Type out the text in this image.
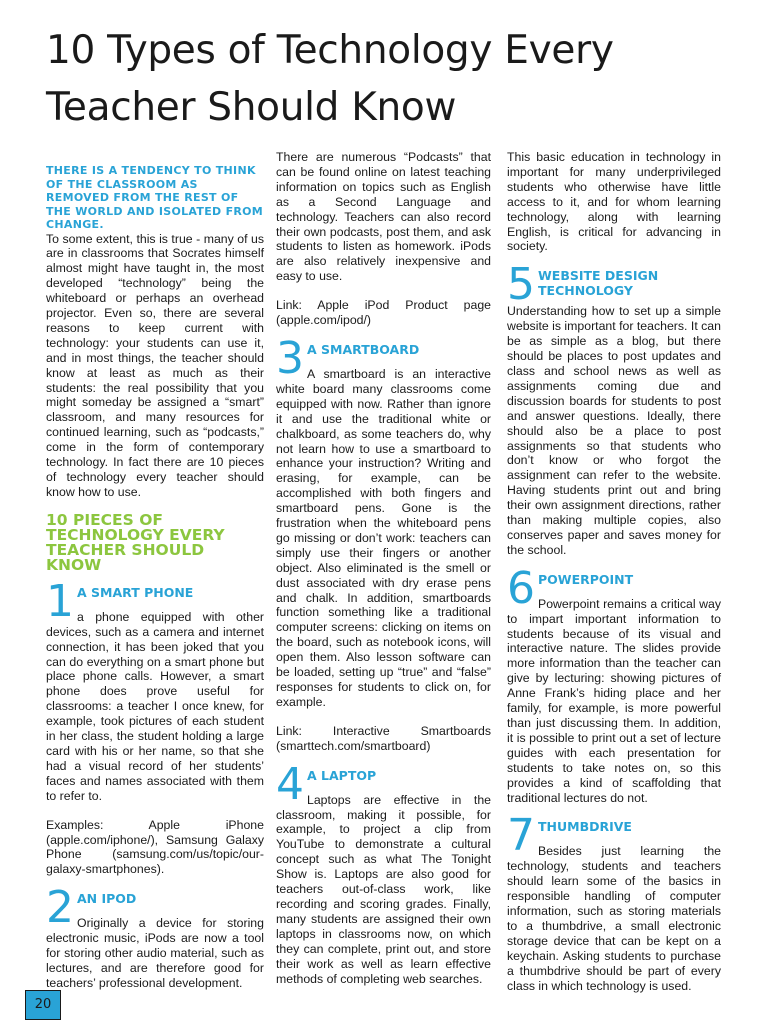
10 Types of Technology Every Teacher Should Know

THERE IS A TENDENCY TO THINK OF THE CLASSROOM AS REMOVED FROM THE REST OF THE WORLD AND ISOLATED FROM CHANGE.

To some extent, this is true - many of us are in classrooms that Socrates himself almost might have taught in, the most developed “technology” being the whiteboard or perhaps an overhead projector. Even so, there are several reasons to keep current with technology: your students can use it, and in most things, the teacher should know at least as much as their students: the real possibility that you might someday be assigned a “smart” classroom, and many resources for continued learning, such as “podcasts,” come in the form of contemporary technology. In fact there are 10 pieces of technology every teacher should know how to use.

10 PIECES OF TECHNOLOGY EVERY TEACHER SHOULD KNOW
1 A SMART PHONE

a phone equipped with other devices, such as a camera and internet connection, it has been joked that you can do everything on a smart phone but place phone calls. However, a smart phone does prove useful for classrooms: a teacher I once knew, for example, took pictures of each student in her class, the student holding a large card with his or her name, so that she had a visual record of her students’ faces and names associated with them to refer to.

Examples: Apple iPhone (apple.com/iphone/), Samsung Galaxy Phone (samsung.com/us/topic/our-galaxy-smartphones).

2 AN IPOD

Originally a device for storing electronic music, iPods are now a tool for storing other audio material, such as lectures, and are therefore good for teachers’ professional development.

There are numerous “Podcasts” that can be found online on latest teaching information on topics such as English as a Second Language and technology. Teachers can also record their own podcasts, post them, and ask students to listen as homework. iPods are also relatively inexpensive and easy to use.

Link: Apple iPod Product page (apple.com/ipod/)

3 A SMARTBOARD

A smartboard is an interactive white board many classrooms come equipped with now. Rather than ignore it and use the traditional white or chalkboard, as some teachers do, why not learn how to use a smartboard to enhance your instruction? Writing and erasing, for example, can be accomplished with both fingers and smartboard pens. Gone is the frustration when the whiteboard pens go missing or don’t work: teachers can simply use their fingers or another object. Also eliminated is the smell or dust associated with dry erase pens and chalk. In addition, smartboards function something like a traditional computer screens: clicking on items on the board, such as notebook icons, will open them. Also lesson software can be loaded, setting up “true” and “false” responses for students to click on, for example.

Link: Interactive Smartboards (smarttech.com/smartboard)

4 A LAPTOP

Laptops are effective in the classroom, making it possible, for example, to project a clip from YouTube to demonstrate a cultural concept such as what The Tonight Show is. Laptops are also good for teachers out-of-class work, like recording and scoring grades. Finally, many students are assigned their own laptops in classrooms now, on which they can complete, print out, and store their work as well as learn effective methods of completing web searches.

This basic education in technology in important for many underprivileged students who otherwise have little access to it, and for whom learning technology, along with learning English, is critical for advancing in society.

5 WEBSITE DESIGN TECHNOLOGY

Understanding how to set up a simple website is important for teachers. It can be as simple as a blog, but there should be places to post updates and class and school news as well as assignments coming due and discussion boards for students to post and answer questions. Ideally, there should also be a place to post assignments so that students who don’t know or who forgot the assignment can refer to the website. Having students print out and bring their own assignment directions, rather than making multiple copies, also conserves paper and saves money for the school.

6 POWERPOINT

Powerpoint remains a critical way to impart important information to students because of its visual and interactive nature. The slides provide more information than the teacher can give by lecturing: showing pictures of Anne Frank’s hiding place and her family, for example, is more powerful than just discussing them. In addition, it is possible to print out a set of lecture guides with each presentation for students to take notes on, so this provides a kind of scaffolding that traditional lectures do not.

7 THUMBDRIVE

Besides just learning the technology, students and teachers should learn some of the basics in responsible handling of computer information, such as storing materials to a thumbdrive, a small electronic storage device that can be kept on a keychain. Asking students to purchase a thumbdrive should be part of every class in which technology is used.

20
